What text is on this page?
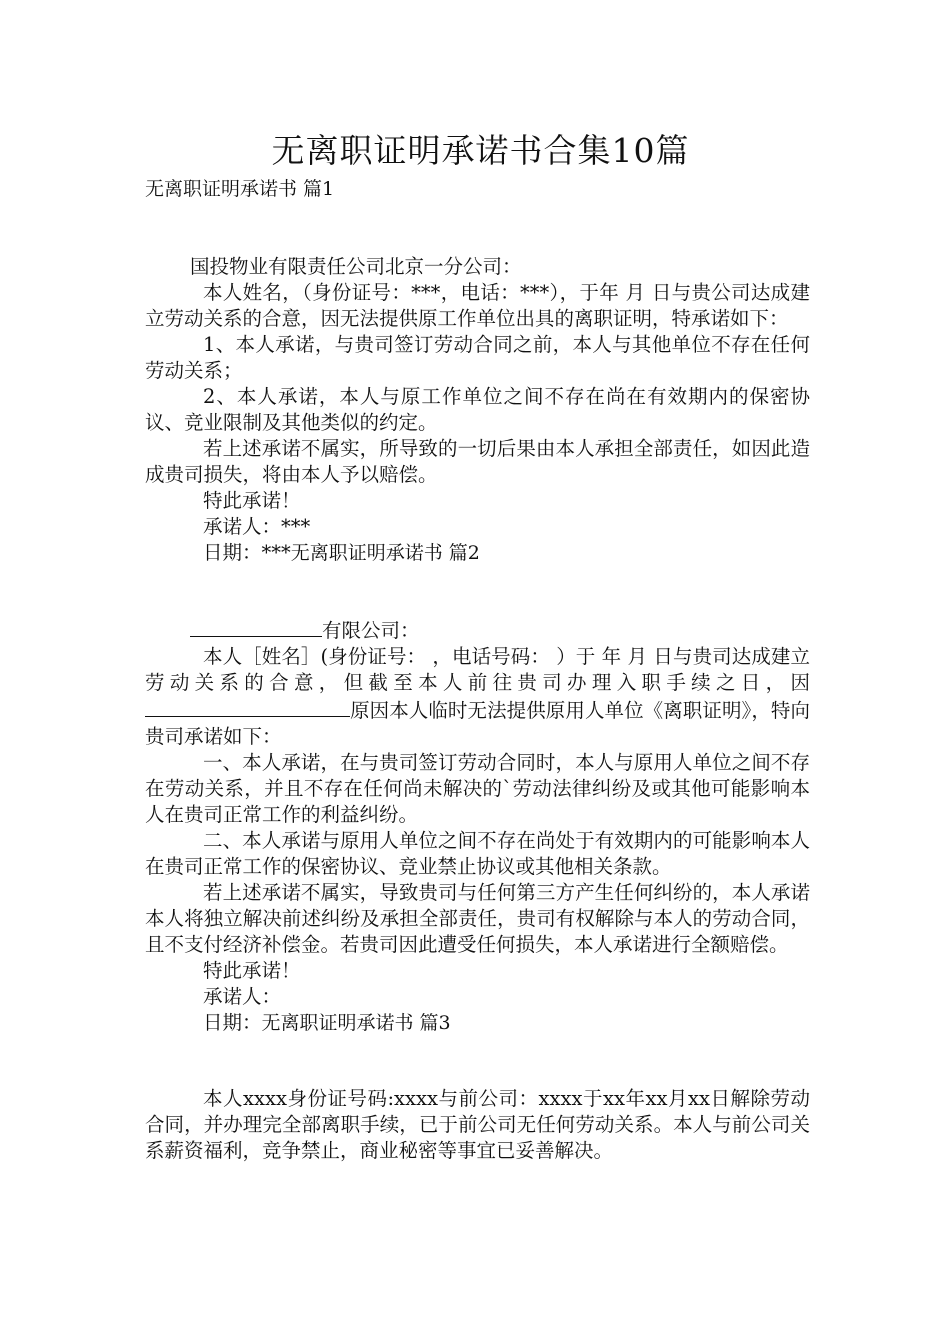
无离职证明承诺书合集10篇
无离职证明承诺书 篇1

国投物业有限责任公司北京一分公司：

本人姓名，（身份证号：***，电话：***），于年 月 日与贵公司达成建立劳动关系的合意，因无法提供原工作单位出具的离职证明，特承诺如下：

1、本人承诺，与贵司签订劳动合同之前，本人与其他单位不存在任何劳动关系；

2、本人承诺，本人与原工作单位之间不存在尚在有效期内的保密协议、竞业限制及其他类似的约定。

若上述承诺不属实，所导致的一切后果由本人承担全部责任，如因此造成贵司损失，将由本人予以赔偿。

特此承诺！

承诺人：***

日期：***无离职证明承诺书 篇2

有限公司：

本人［姓名］(身份证号： ，电话号码： ）于 年 月 日与贵司达成建立劳动关系的合意，但截至本人前往贵司办理入职手续之日，因原因本人临时无法提供原用人单位《离职证明》，特向贵司承诺如下：

一、本人承诺，在与贵司签订劳动合同时，本人与原用人单位之间不存在劳动关系，并且不存在任何尚未解决的`劳动法律纠纷及或其他可能影响本人在贵司正常工作的利益纠纷。

二、本人承诺与原用人单位之间不存在尚处于有效期内的可能影响本人在贵司正常工作的保密协议、竞业禁止协议或其他相关条款。

若上述承诺不属实，导致贵司与任何第三方产生任何纠纷的，本人承诺本人将独立解决前述纠纷及承担全部责任，贵司有权解除与本人的劳动合同，且不支付经济补偿金。若贵司因此遭受任何损失，本人承诺进行全额赔偿。

特此承诺！

承诺人：

日期：无离职证明承诺书 篇3

本人xxxx身份证号码:xxxx与前公司：xxxx于xx年xx月xx日解除劳动合同，并办理完全部离职手续，已于前公司无任何劳动关系。本人与前公司关系薪资福利，竞争禁止，商业秘密等事宜已妥善解决。
